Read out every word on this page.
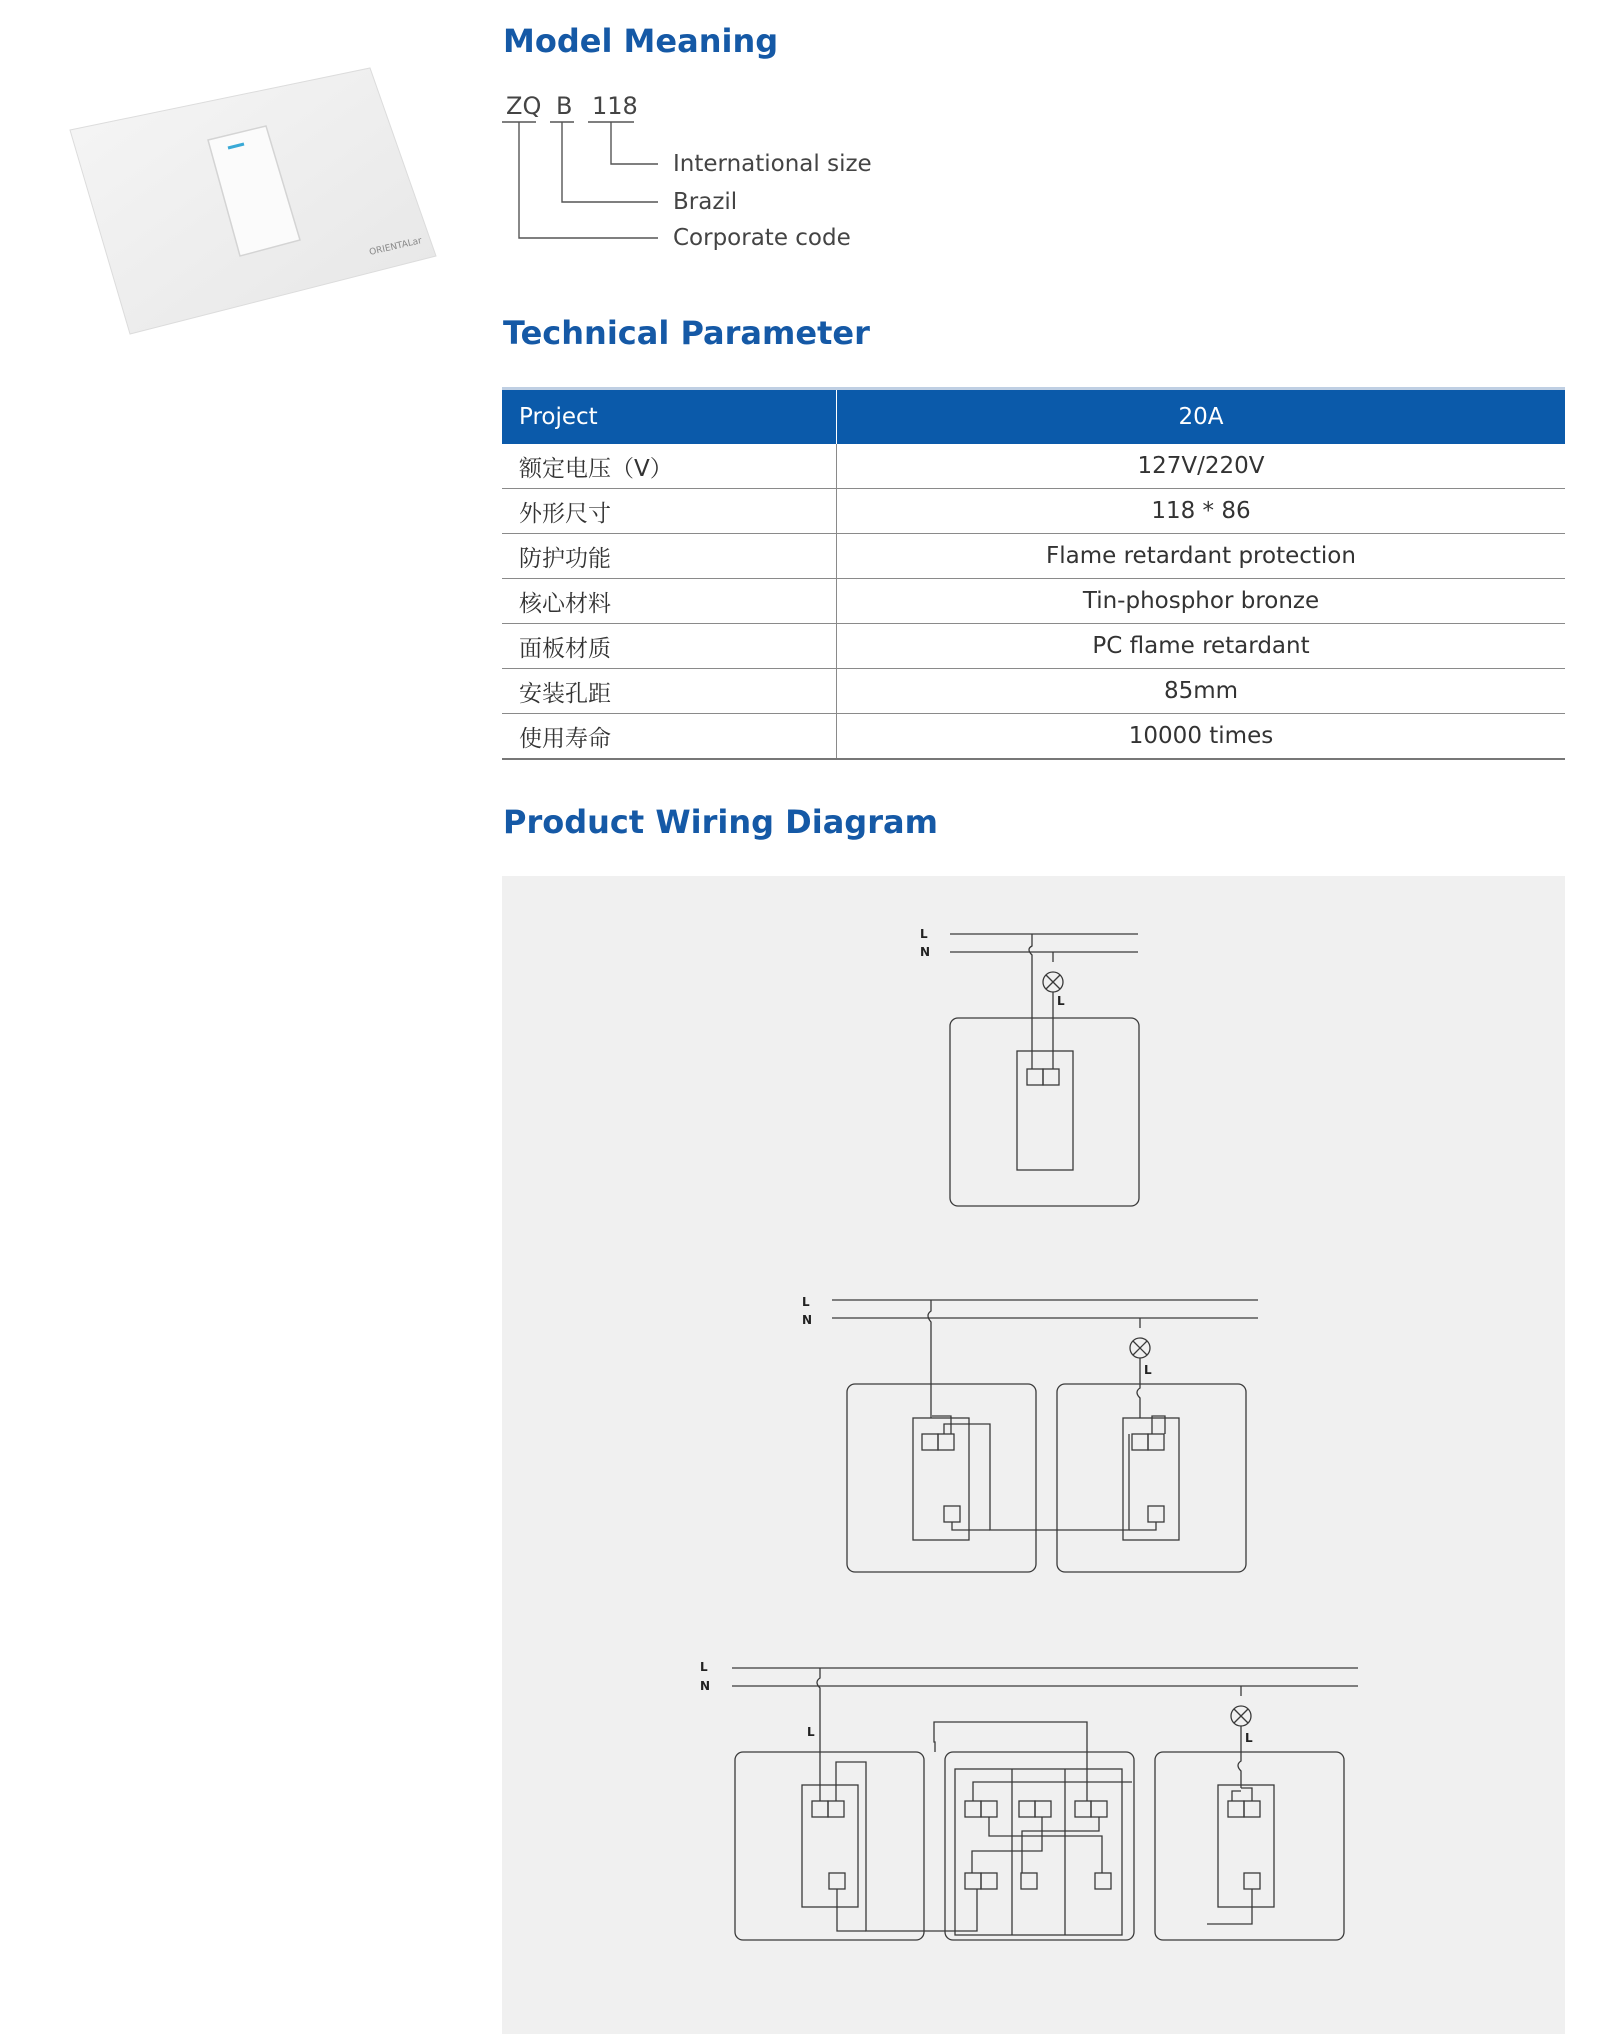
ORIENTALar
Model Meaning
ZQ B 118
International size
Brazil
Corporate code
Technical Parameter
Project	20A
额定电压（V）	127V/220V
外形尺寸	118 * 86
防护功能	Flame retardant protection
核心材料	Tin-phosphor bronze
面板材质	PC flame retardant
安装孔距	85mm
使用寿命	10000 times
Product Wiring Diagram
L
N
L
L
N
L
L
N
L	L
